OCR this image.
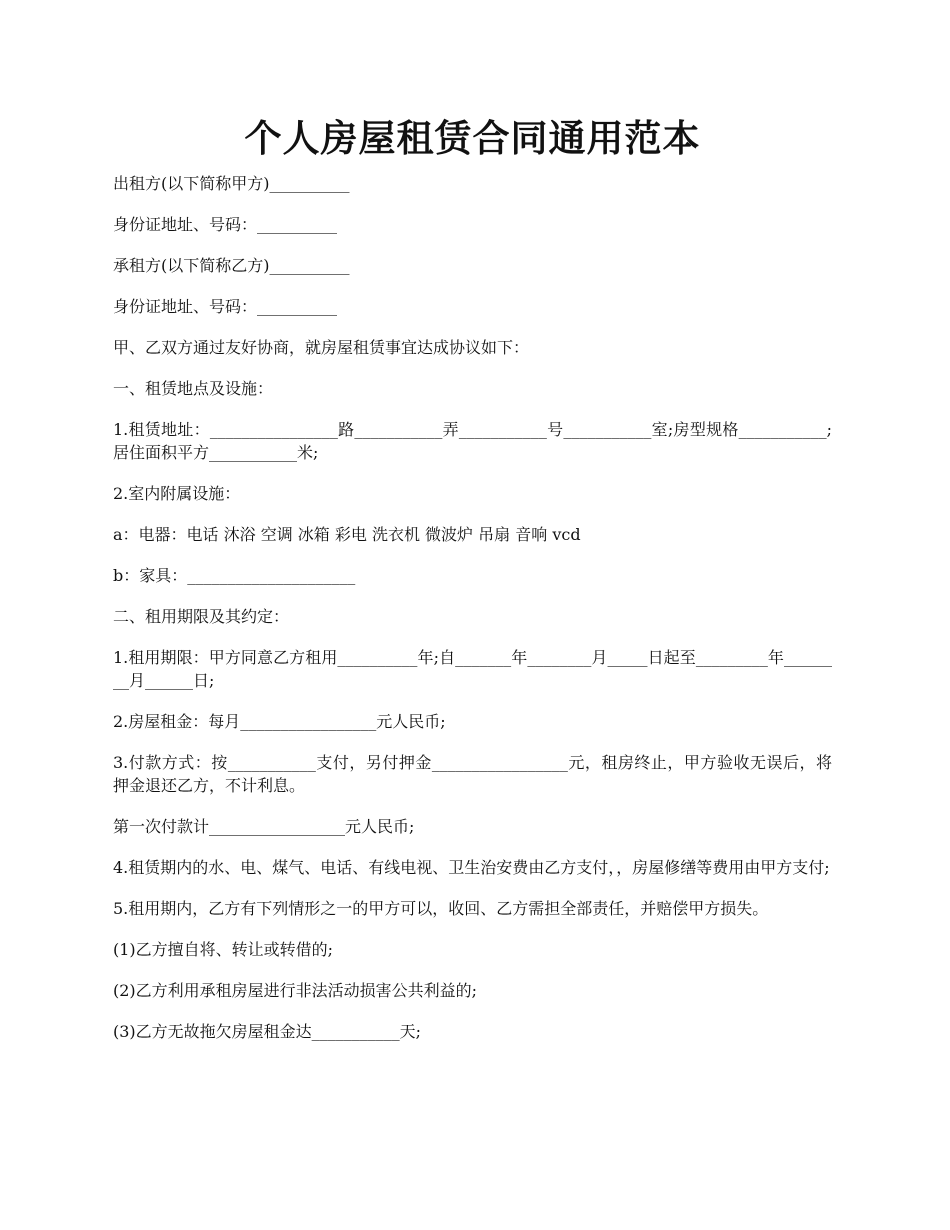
个人房屋租赁合同通用范本

出租方(以下简称甲方)__________

身份证地址、号码：__________

承租方(以下简称乙方)__________

身份证地址、号码：__________

甲、乙双方通过友好协商，就房屋租赁事宜达成协议如下：

一、租赁地点及设施：

1.租赁地址：________________路___________弄___________号___________室;房型规格___________;居住面积平方___________米;

2.室内附属设施：

a：电器：电话 沐浴 空调 冰箱 彩电 洗衣机 微波炉 吊扇 音响 vcd

b：家具：_____________________

二、租用期限及其约定：

1.租用期限：甲方同意乙方租用__________年;自_______年________月_____日起至_________年________月______日;

2.房屋租金：每月_________________元人民币;

3.付款方式：按___________支付，另付押金_________________元，租房终止，甲方验收无误后，将押金退还乙方，不计利息。

第一次付款计_________________元人民币;

4.租赁期内的水、电、煤气、电话、有线电视、卫生治安费由乙方支付，，房屋修缮等费用由甲方支付;

5.租用期内，乙方有下列情形之一的甲方可以，收回、乙方需担全部责任，并赔偿甲方损失。

(1)乙方擅自将、转让或转借的;

(2)乙方利用承租房屋进行非法活动损害公共利益的;

(3)乙方无故拖欠房屋租金达___________天;
